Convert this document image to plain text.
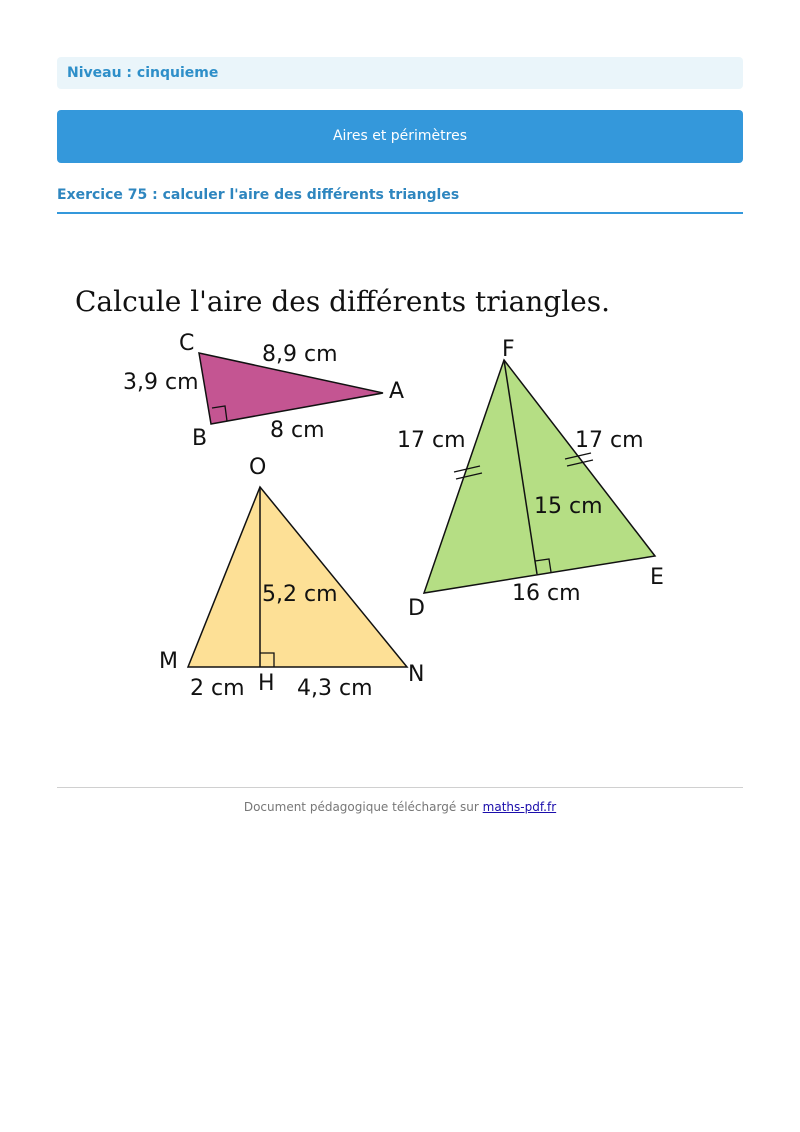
Niveau : cinquieme
Aires et périmètres
Exercice 75 : calculer l'aire des différents triangles
Calcule l'aire des différents triangles.
C
A
B
8,9 cm
3,9 cm
8 cm
F
E
D
17 cm	17 cm
15 cm
16 cm
O
M
N
H
5,2 cm
2 cm 4,3 cm
Document pédagogique téléchargé sur maths-pdf.fr
